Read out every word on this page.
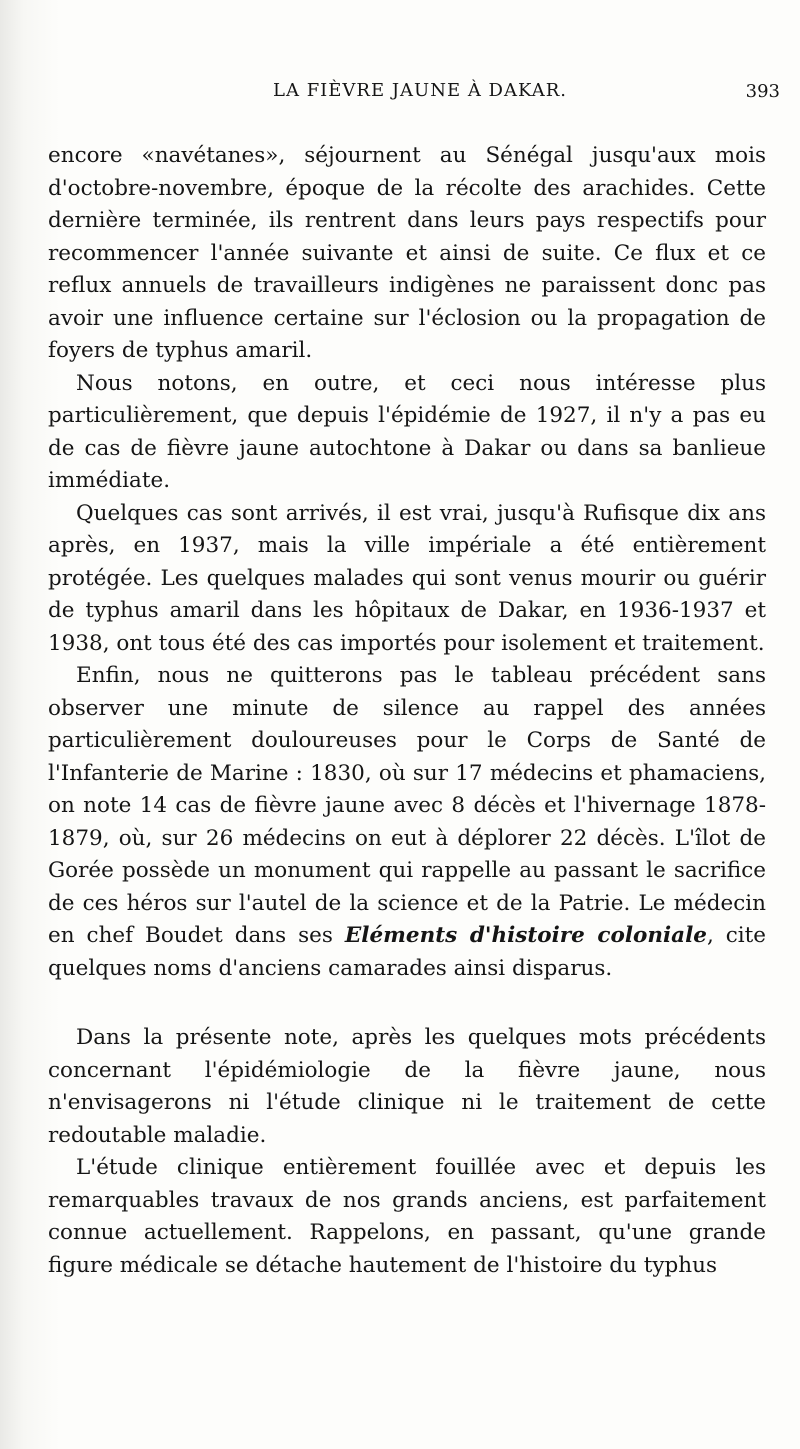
LA FIÈVRE JAUNE À DAKAR.	393

encore «navétanes», séjournent au Sénégal jusqu'aux mois d'octobre-novembre, époque de la récolte des arachides. Cette dernière terminée, ils rentrent dans leurs pays respectifs pour recommencer l'année suivante et ainsi de suite. Ce flux et ce reflux annuels de travailleurs indigènes ne paraissent donc pas avoir une influence certaine sur l'éclosion ou la propagation de foyers de typhus amaril.

Nous notons, en outre, et ceci nous intéresse plus particulièrement, que depuis l'épidémie de 1927, il n'y a pas eu de cas de fièvre jaune autochtone à Dakar ou dans sa banlieue immédiate.

Quelques cas sont arrivés, il est vrai, jusqu'à Rufisque dix ans après, en 1937, mais la ville impériale a été entièrement protégée. Les quelques malades qui sont venus mourir ou guérir de typhus amaril dans les hôpitaux de Dakar, en 1936-1937 et 1938, ont tous été des cas importés pour isolement et traitement.

Enfin, nous ne quitterons pas le tableau précédent sans observer une minute de silence au rappel des années particulièrement douloureuses pour le Corps de Santé de l'Infanterie de Marine : 1830, où sur 17 médecins et phamaciens, on note 14 cas de fièvre jaune avec 8 décès et l'hivernage 1878-1879, où, sur 26 médecins on eut à déplorer 22 décès. L'îlot de Gorée possède un monument qui rappelle au passant le sacrifice de ces héros sur l'autel de la science et de la Patrie. Le médecin en chef Boudet dans ses Eléments d'histoire coloniale, cite quelques noms d'anciens camarades ainsi disparus.

Dans la présente note, après les quelques mots précédents concernant l'épidémiologie de la fièvre jaune, nous n'envisagerons ni l'étude clinique ni le traitement de cette redoutable maladie.

L'étude clinique entièrement fouillée avec et depuis les remarquables travaux de nos grands anciens, est parfaitement connue actuellement. Rappelons, en passant, qu'une grande figure médicale se détache hautement de l'histoire du typhus
